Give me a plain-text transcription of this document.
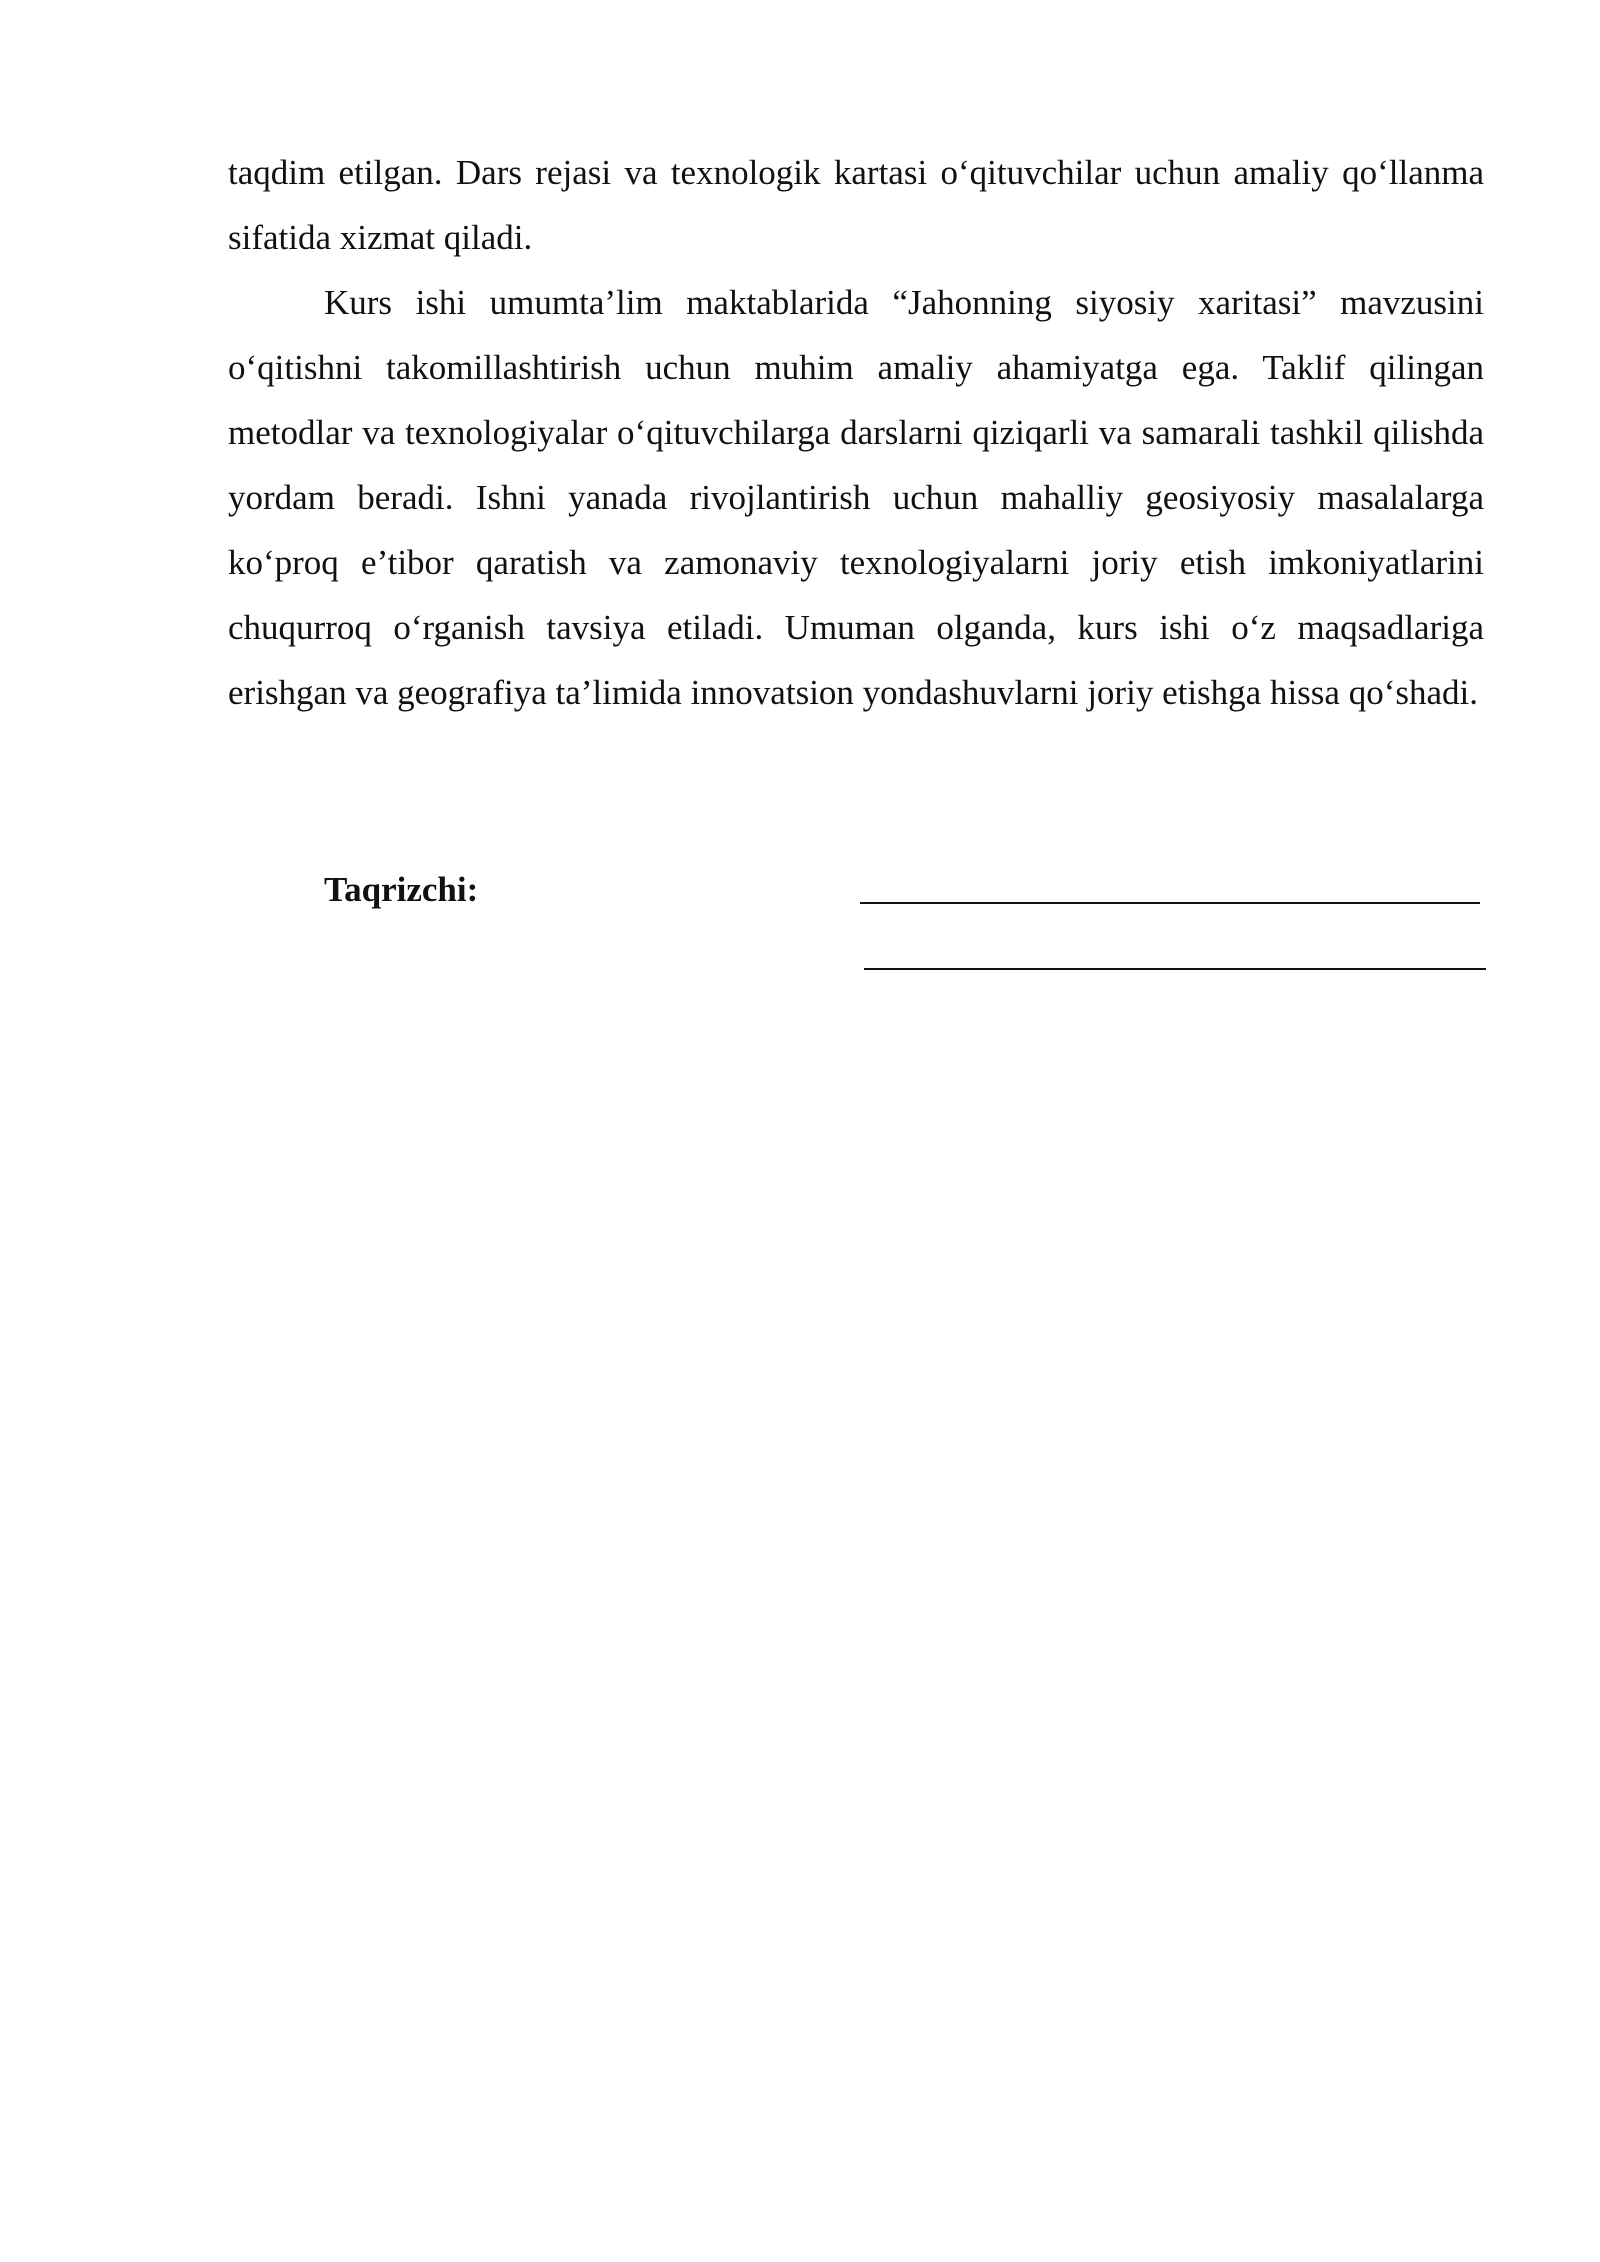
taqdim etilgan. Dars rejasi va texnologik kartasi o‘qituvchilar uchun amaliy qo‘llanma sifatida xizmat qiladi.

Kurs ishi umumta’lim maktablarida “Jahonning siyosiy xaritasi” mavzusini o‘qitishni takomillashtirish uchun muhim amaliy ahamiyatga ega. Taklif qilingan metodlar va texnologiyalar o‘qituvchilarga darslarni qiziqarli va samarali tashkil qilishda yordam beradi. Ishni yanada rivojlantirish uchun mahalliy geosiyosiy masalalarga ko‘proq e’tibor qaratish va zamonaviy texnologiyalarni joriy etish imkoniyatlarini chuqurroq o‘rganish tavsiya etiladi. Umuman olganda, kurs ishi o‘z maqsadlariga erishgan va geografiya ta’limida innovatsion yondashuvlarni joriy etishga hissa qo‘shadi.

Taqrizchi:
